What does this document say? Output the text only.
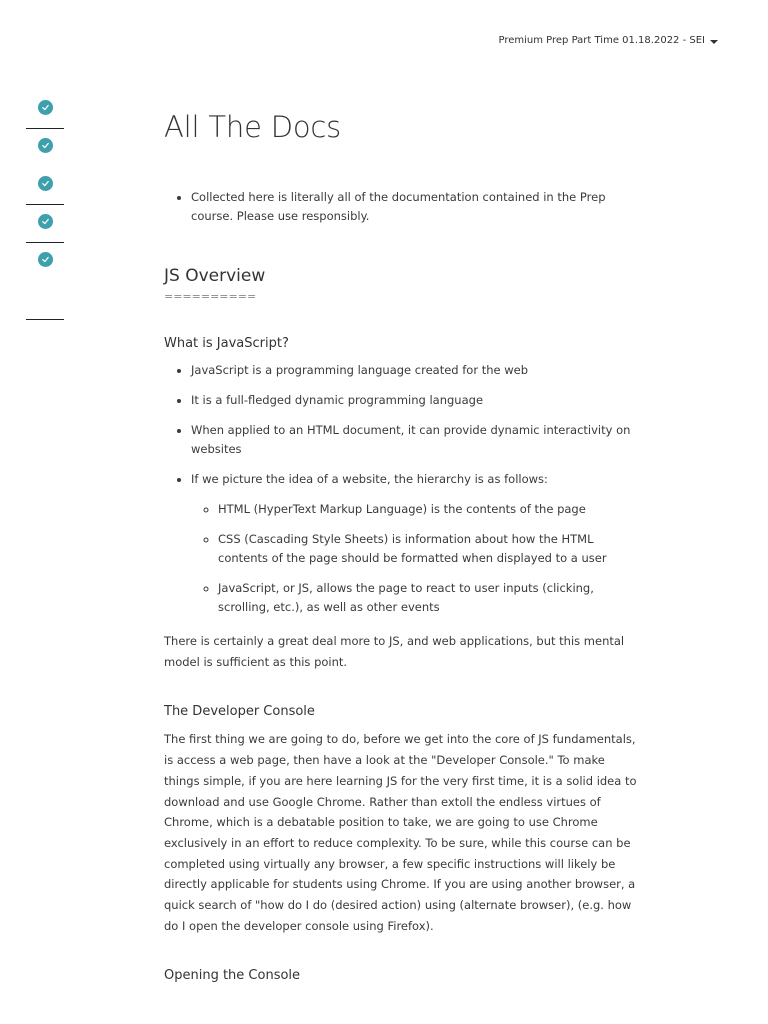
Premium Prep Part Time 01.18.2022 - SEI
All The Docs
• Collected here is literally all of the documentation contained in the Prep course. Please use responsibly.
JS Overview
==========
What is JavaScript?
• JavaScript is a programming language created for the web
• It is a full-fledged dynamic programming language
• When applied to an HTML document, it can provide dynamic interactivity on websites
• If we picture the idea of a website, the hierarchy is as follows:
◦ HTML (HyperText Markup Language) is the contents of the page
◦ CSS (Cascading Style Sheets) is information about how the HTML contents of the page should be formatted when displayed to a user
◦ JavaScript, or JS, allows the page to react to user inputs (clicking, scrolling, etc.), as well as other events

There is certainly a great deal more to JS, and web applications, but this mental model is sufficient as this point.

The Developer Console

The first thing we are going to do, before we get into the core of JS fundamentals, is access a web page, then have a look at the "Developer Console." To make things simple, if you are here learning JS for the very first time, it is a solid idea to download and use Google Chrome. Rather than extoll the endless virtues of Chrome, which is a debatable position to take, we are going to use Chrome exclusively in an effort to reduce complexity. To be sure, while this course can be completed using virtually any browser, a few specific instructions will likely be directly applicable for students using Chrome. If you are using another browser, a quick search of "how do I do (desired action) using (alternate browser), (e.g. how do I open the developer console using Firefox).

Opening the Console
